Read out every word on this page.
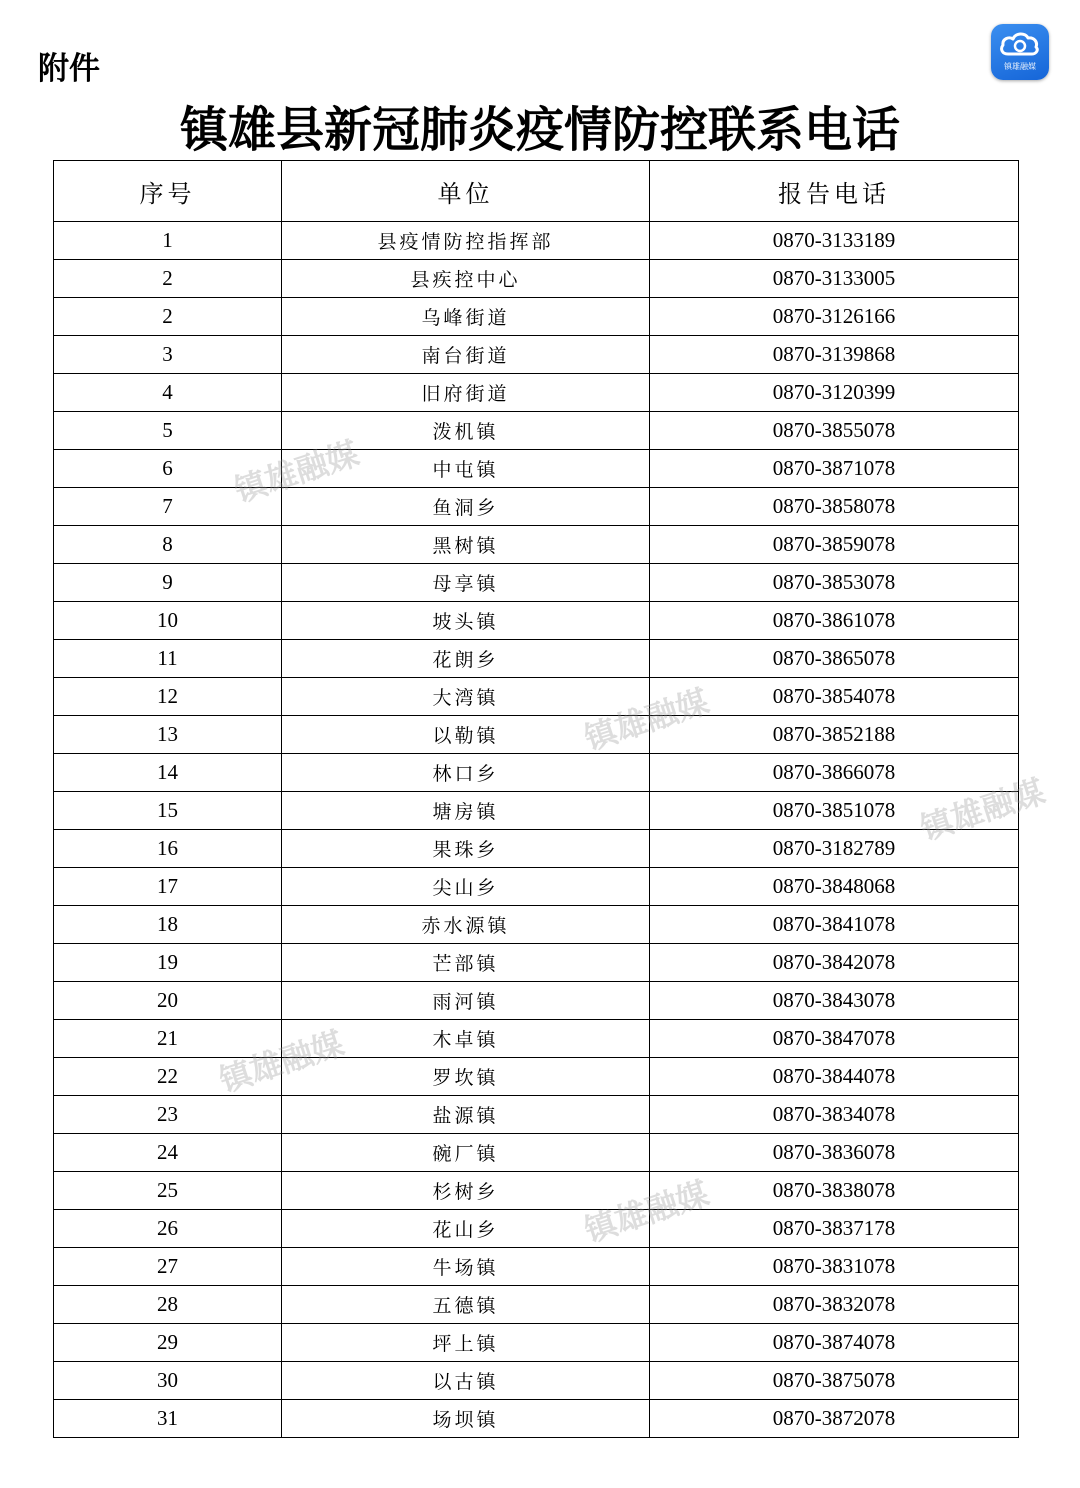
附件	镇雄融媒
镇雄县新冠肺炎疫情防控联系电话
序号	单位	报告电话
1	县疫情防控指挥部	0870-3133189
2	县疾控中心	0870-3133005
2	乌峰街道	0870-3126166
3	南台街道	0870-3139868
4	旧府街道	0870-3120399
5	泼机镇	0870-3855078
6	中屯镇	0870-3871078
7	鱼洞乡	0870-3858078
8	黑树镇	0870-3859078
9	母享镇	0870-3853078
10	坡头镇	0870-3861078
11	花朗乡	0870-3865078
12	大湾镇	0870-3854078
13	以勒镇	0870-3852188
14	林口乡	0870-3866078
15	塘房镇	0870-3851078
16	果珠乡	0870-3182789
17	尖山乡	0870-3848068
18	赤水源镇	0870-3841078
19	芒部镇	0870-3842078
20	雨河镇	0870-3843078
21	木卓镇	0870-3847078
22	罗坎镇	0870-3844078
23	盐源镇	0870-3834078
24	碗厂镇	0870-3836078
25	杉树乡	0870-3838078
26	花山乡	0870-3837178
27	牛场镇	0870-3831078
28	五德镇	0870-3832078
29	坪上镇	0870-3874078
30	以古镇	0870-3875078
31	场坝镇	0870-3872078
镇雄融媒
镇雄融媒
镇雄融媒
镇雄融媒
镇雄融媒
